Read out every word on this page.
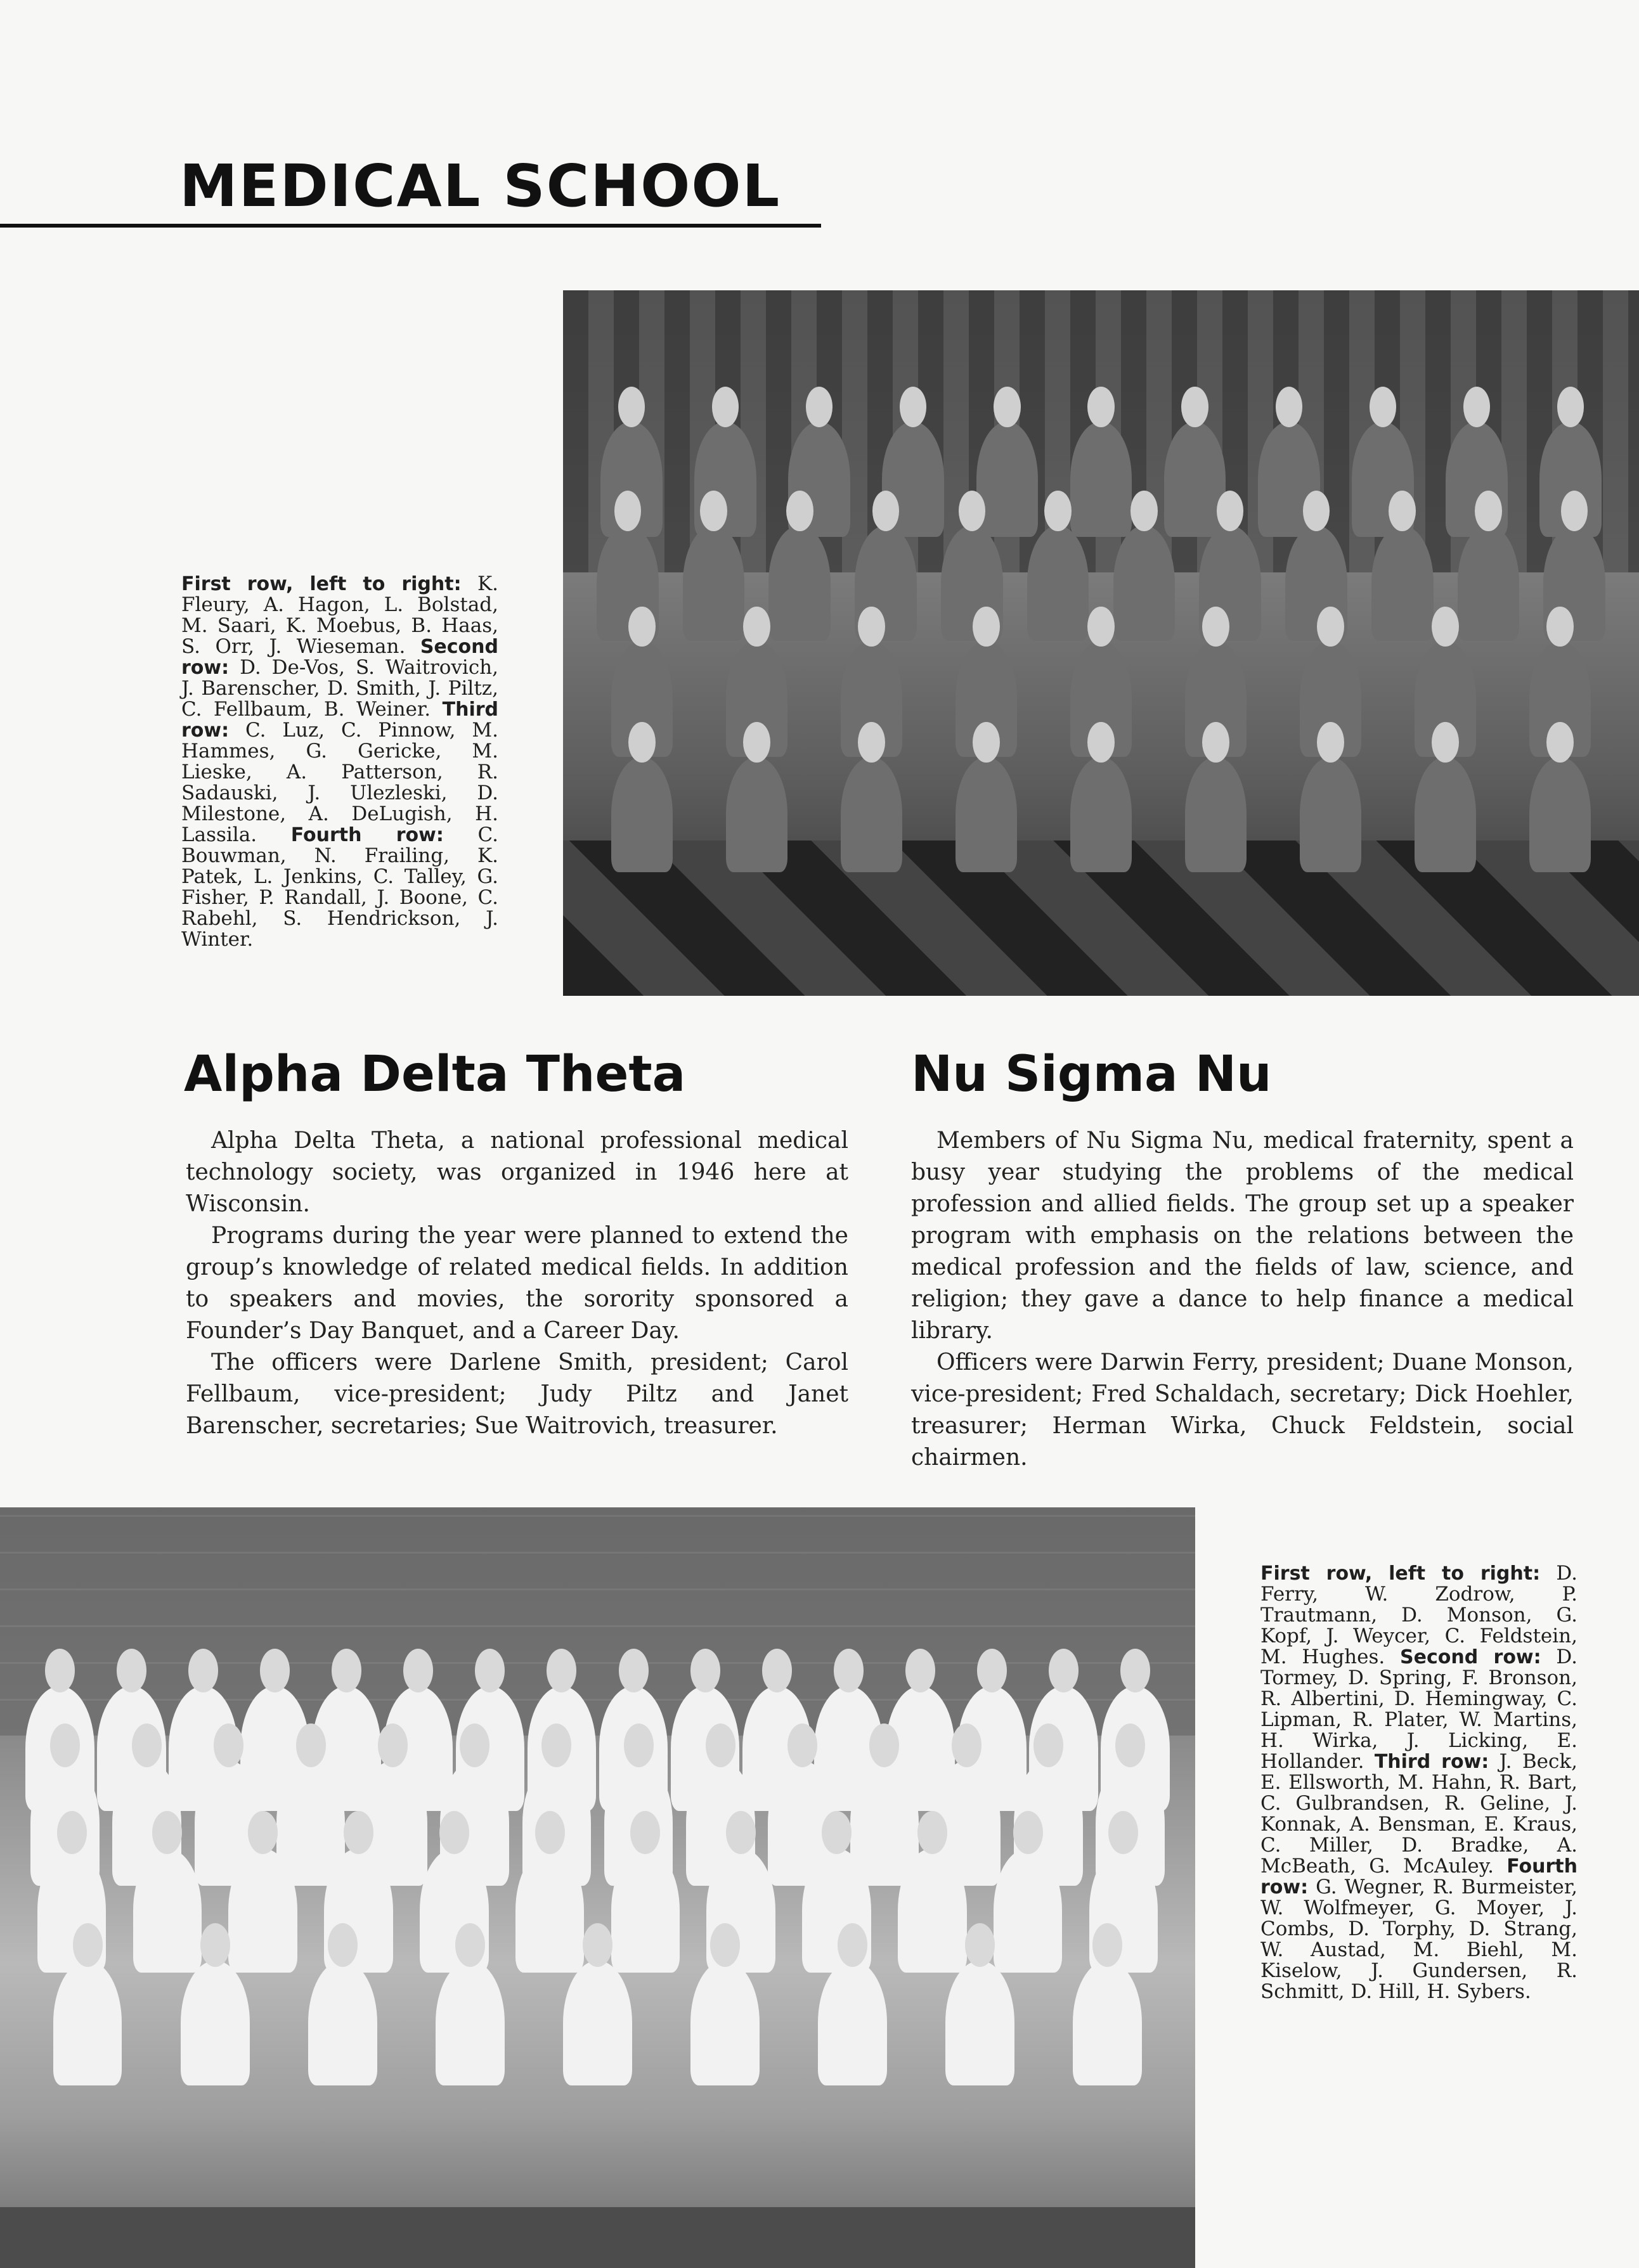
MEDICAL SCHOOL
First row, left to right: K. Fleury, A. Hagon, L. Bolstad, M. Saari, K. Moebus, B. Haas, S. Orr, J. Wieseman. Second row: D. De-Vos, S. Waitrovich, J. Barenscher, D. Smith, J. Piltz, C. Fellbaum, B. Weiner. Third row: C. Luz, C. Pinnow, M. Hammes, G. Gericke, M. Lieske, A. Patterson, R. Sadauski, J. Ulezleski, D. Milestone, A. DeLugish, H. Lassila. Fourth row: C. Bouwman, N. Frailing, K. Patek, L. Jenkins, C. Talley, G. Fisher, P. Randall, J. Boone, C. Rabehl, S. Hendrickson, J. Winter.
Alpha Delta Theta	Nu Sigma Nu

Alpha Delta Theta, a national professional medical technology society, was organized in 1946 here at Wisconsin.

Programs during the year were planned to extend the group’s knowledge of related medical fields. In addition to speakers and movies, the sorority sponsored a Founder’s Day Banquet, and a Career Day.

The officers were Darlene Smith, president; Carol Fellbaum, vice-president; Judy Piltz and Janet Barenscher, secretaries; Sue Waitrovich, treasurer.

Members of Nu Sigma Nu, medical fraternity, spent a busy year studying the problems of the medical profession and allied fields. The group set up a speaker program with emphasis on the relations between the medical profession and the fields of law, science, and religion; they gave a dance to help finance a medical library.

Officers were Darwin Ferry, president; Duane Monson, vice-president; Fred Schaldach, secretary; Dick Hoehler, treasurer; Herman Wirka, Chuck Feldstein, social chairmen.

First row, left to right: D. Ferry, W. Zodrow, P. Trautmann, D. Monson, G. Kopf, J. Weycer, C. Feldstein, M. Hughes. Second row: D. Tormey, D. Spring, F. Bronson, R. Albertini, D. Hemingway, C. Lipman, R. Plater, W. Martins, H. Wirka, J. Licking, E. Hollander. Third row: J. Beck, E. Ellsworth, M. Hahn, R. Bart, C. Gulbrandsen, R. Geline, J. Konnak, A. Bensman, E. Kraus, C. Miller, D. Bradke, A. McBeath, G. McAuley. Fourth row: G. Wegner, R. Burmeister, W. Wolfmeyer, G. Moyer, J. Combs, D. Torphy, D. Strang, W. Austad, M. Biehl, M. Kiselow, J. Gundersen, R. Schmitt, D. Hill, H. Sybers.
